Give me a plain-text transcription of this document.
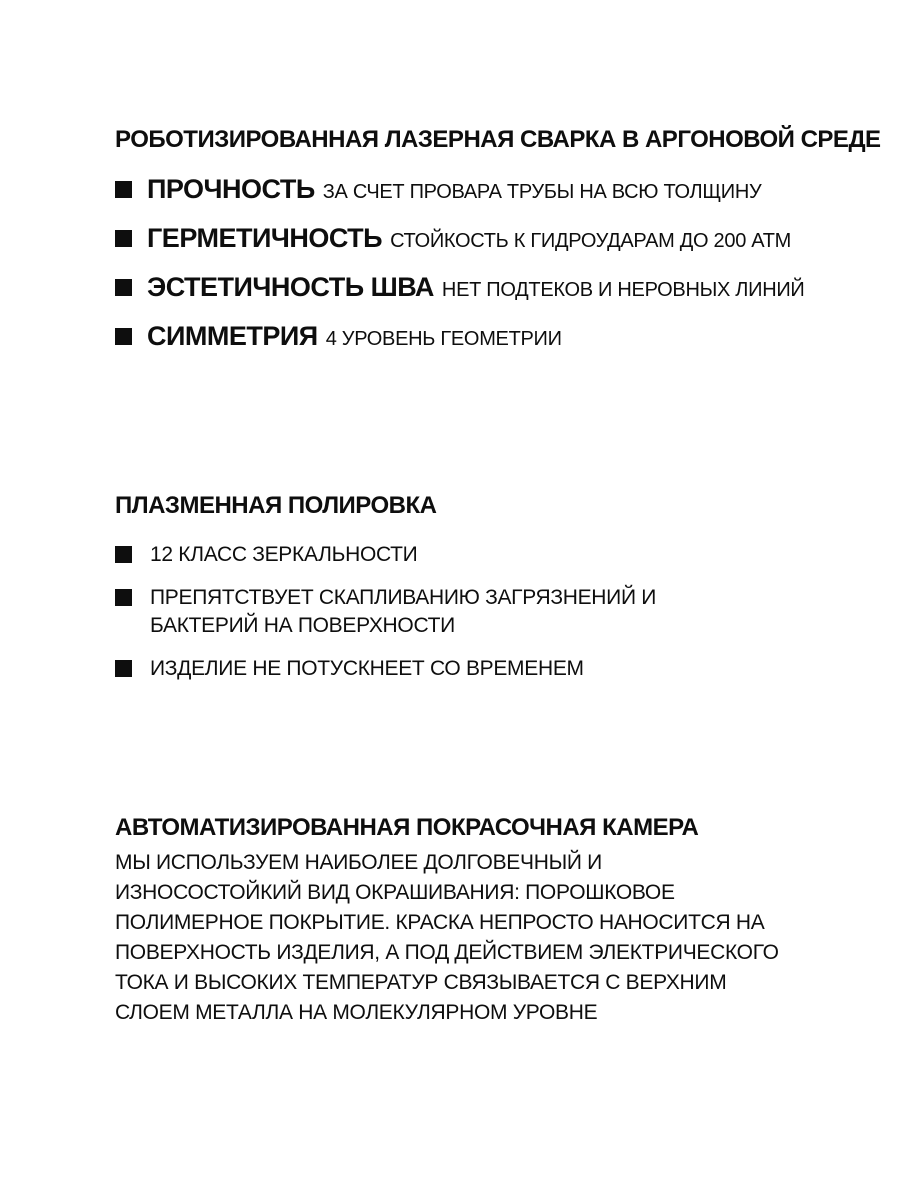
РОБОТИЗИРОВАННАЯ ЛАЗЕРНАЯ СВАРКА В АРГОНОВОЙ СРЕДЕ
ПРОЧНОСТЬ ЗА СЧЕТ ПРОВАРА ТРУБЫ НА ВСЮ ТОЛЩИНУ
ГЕРМЕТИЧНОСТЬ СТОЙКОСТЬ К ГИДРОУДАРАМ ДО 200 АТМ
ЭСТЕТИЧНОСТЬ ШВА НЕТ ПОДТЕКОВ И НЕРОВНЫХ ЛИНИЙ
СИММЕТРИЯ 4 УРОВЕНЬ ГЕОМЕТРИИ
ПЛАЗМЕННАЯ ПОЛИРОВКА
12 КЛАСС ЗЕРКАЛЬНОСТИ
ПРЕПЯТСТВУЕТ СКАПЛИВАНИЮ ЗАГРЯЗНЕНИЙ И
БАКТЕРИЙ НА ПОВЕРХНОСТИ
ИЗДЕЛИЕ НЕ ПОТУСКНЕЕТ СО ВРЕМЕНЕМ
АВТОМАТИЗИРОВАННАЯ ПОКРАСОЧНАЯ КАМЕРА
МЫ ИСПОЛЬЗУЕМ НАИБОЛЕЕ ДОЛГОВЕЧНЫЙ И
ИЗНОСОСТОЙКИЙ ВИД ОКРАШИВАНИЯ: ПОРОШКОВОЕ
ПОЛИМЕРНОЕ ПОКРЫТИЕ. КРАСКА НЕПРОСТО НАНОСИТСЯ НА
ПОВЕРХНОСТЬ ИЗДЕЛИЯ, А ПОД ДЕЙСТВИЕМ ЭЛЕКТРИЧЕСКОГО
ТОКА И ВЫСОКИХ ТЕМПЕРАТУР СВЯЗЫВАЕТСЯ С ВЕРХНИМ
СЛОЕМ МЕТАЛЛА НА МОЛЕКУЛЯРНОМ УРОВНЕ
